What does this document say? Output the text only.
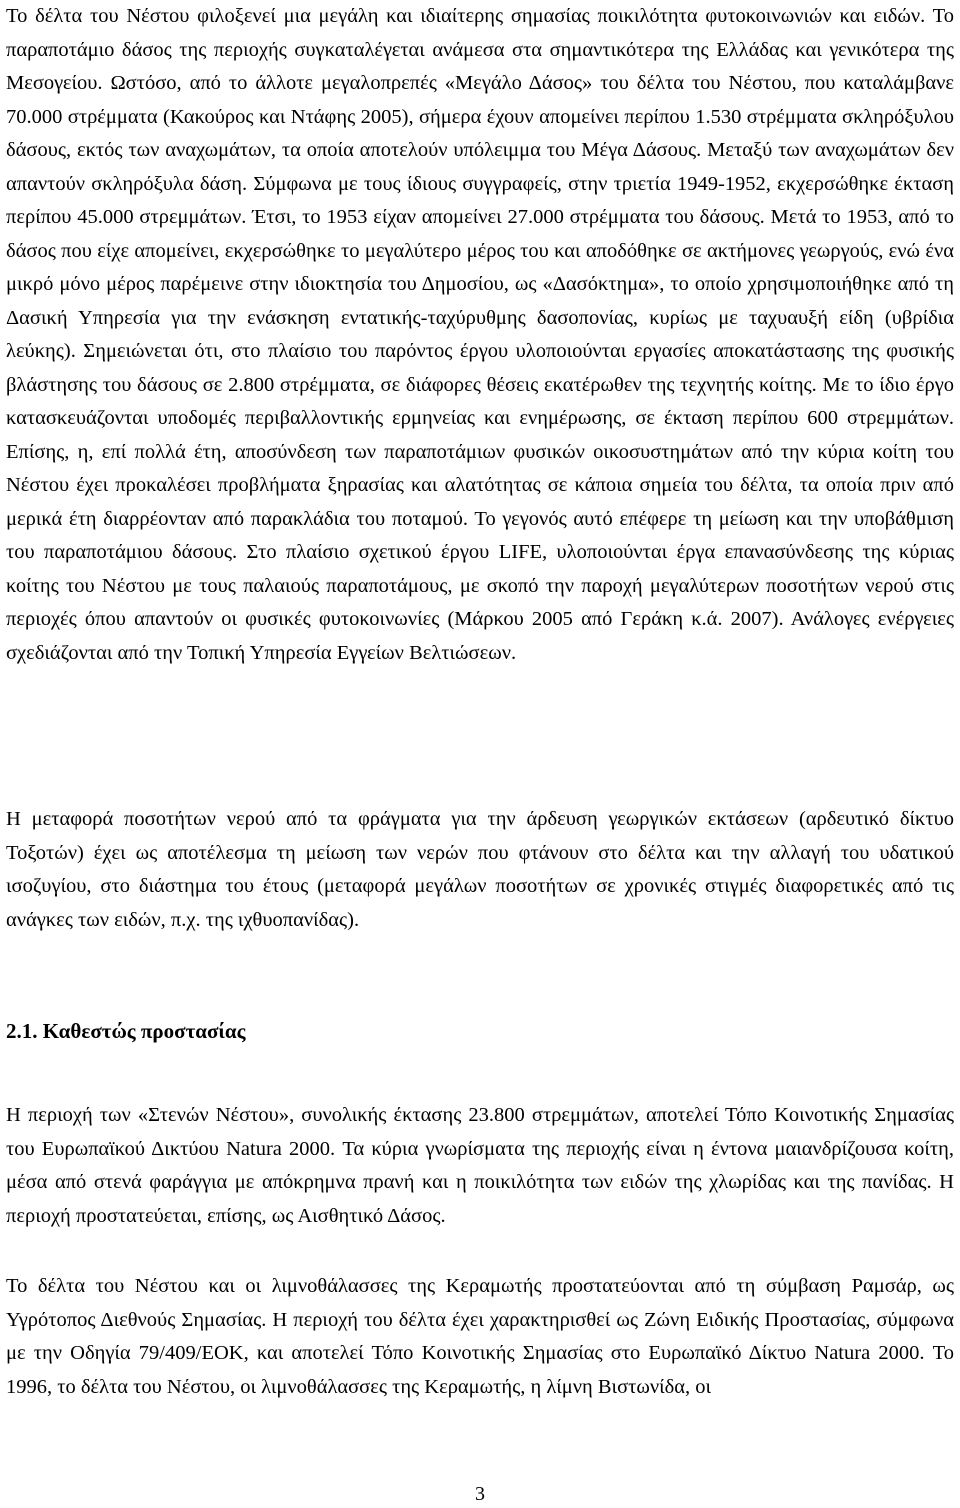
Το δέλτα του Νέστου φιλοξενεί μια μεγάλη και ιδιαίτερης σημασίας ποικιλότητα φυτοκοινωνιών και ειδών. Το παραποτάμιο δάσος της περιοχής συγκαταλέγεται ανάμεσα στα σημαντικότερα της Ελλάδας και γενικότερα της Μεσογείου. Ωστόσο, από το άλλοτε μεγαλοπρεπές «Μεγάλο Δάσος» του δέλτα του Νέστου, που καταλάμβανε 70.000 στρέμματα (Κακούρος και Ντάφης 2005), σήμερα έχουν απομείνει περίπου 1.530 στρέμματα σκληρόξυλου δάσους, εκτός των αναχωμάτων, τα οποία αποτελούν υπόλειμμα του Μέγα Δάσους. Μεταξύ των αναχωμάτων δεν απαντούν σκληρόξυλα δάση. Σύμφωνα με τους ίδιους συγγραφείς, στην τριετία 1949-1952, εκχερσώθηκε έκταση περίπου 45.000 στρεμμάτων. Έτσι, το 1953 είχαν απομείνει 27.000 στρέμματα του δάσους. Μετά το 1953, από το δάσος που είχε απομείνει, εκχερσώθηκε το μεγαλύτερο μέρος του και αποδόθηκε σε ακτήμονες γεωργούς, ενώ ένα μικρό μόνο μέρος παρέμεινε στην ιδιοκτησία του Δημοσίου, ως «Δασόκτημα», το οποίο χρησιμοποιήθηκε από τη Δασική Υπηρεσία για την ενάσκηση εντατικής-ταχύρυθμης δασοπονίας, κυρίως με ταχυαυξή είδη (υβρίδια λεύκης). Σημειώνεται ότι, στο πλαίσιο του παρόντος έργου υλοποιούνται εργασίες αποκατάστασης της φυσικής βλάστησης του δάσους σε 2.800 στρέμματα, σε διάφορες θέσεις εκατέρωθεν της τεχνητής κοίτης. Με το ίδιο έργο κατασκευάζονται υποδομές περιβαλλοντικής ερμηνείας και ενημέρωσης, σε έκταση περίπου 600 στρεμμάτων. Επίσης, η, επί πολλά έτη, αποσύνδεση των παραποτάμιων φυσικών οικοσυστημάτων από την κύρια κοίτη του Νέστου έχει προκαλέσει προβλήματα ξηρασίας και αλατότητας σε κάποια σημεία του δέλτα, τα οποία πριν από μερικά έτη διαρρέονταν από παρακλάδια του ποταμού. Το γεγονός αυτό επέφερε τη μείωση και την υποβάθμιση του παραποτάμιου δάσους. Στο πλαίσιο σχετικού έργου LIFE, υλοποιούνται έργα επανασύνδεσης της κύριας κοίτης του Νέστου με τους παλαιούς παραποτάμους, με σκοπό την παροχή μεγαλύτερων ποσοτήτων νερού στις περιοχές όπου απαντούν οι φυσικές φυτοκοινωνίες (Μάρκου 2005 από Γεράκη κ.ά. 2007). Ανάλογες ενέργειες σχεδιάζονται από την Τοπική Υπηρεσία Εγγείων Βελτιώσεων.

Η μεταφορά ποσοτήτων νερού από τα φράγματα για την άρδευση γεωργικών εκτάσεων (αρδευτικό δίκτυο Τοξοτών) έχει ως αποτέλεσμα τη μείωση των νερών που φτάνουν στο δέλτα και την αλλαγή του υδατικού ισοζυγίου, στο διάστημα του έτους (μεταφορά μεγάλων ποσοτήτων σε χρονικές στιγμές διαφορετικές από τις ανάγκες των ειδών, π.χ. της ιχθυοπανίδας).

2.1. Καθεστώς προστασίας

Η περιοχή των «Στενών Νέστου», συνολικής έκτασης 23.800 στρεμμάτων, αποτελεί Τόπο Κοινοτικής Σημασίας του Ευρωπαϊκού Δικτύου Natura 2000. Τα κύρια γνωρίσματα της περιοχής είναι η έντονα μαιανδρίζουσα κοίτη, μέσα από στενά φαράγγια με απόκρημνα πρανή και η ποικιλότητα των ειδών της χλωρίδας και της πανίδας. Η περιοχή προστατεύεται, επίσης, ως Αισθητικό Δάσος.

Το δέλτα του Νέστου και οι λιμνοθάλασσες της Κεραμωτής προστατεύονται από τη σύμβαση Ραμσάρ, ως Υγρότοπος Διεθνούς Σημασίας. Η περιοχή του δέλτα έχει χαρακτηρισθεί ως Ζώνη Ειδικής Προστασίας, σύμφωνα με την Οδηγία 79/409/ΕΟΚ, και αποτελεί Τόπο Κοινοτικής Σημασίας στο Ευρωπαϊκό Δίκτυο Natura 2000. Το 1996, το δέλτα του Νέστου, οι λιμνοθάλασσες της Κεραμωτής, η λίμνη Βιστωνίδα, οι

3
